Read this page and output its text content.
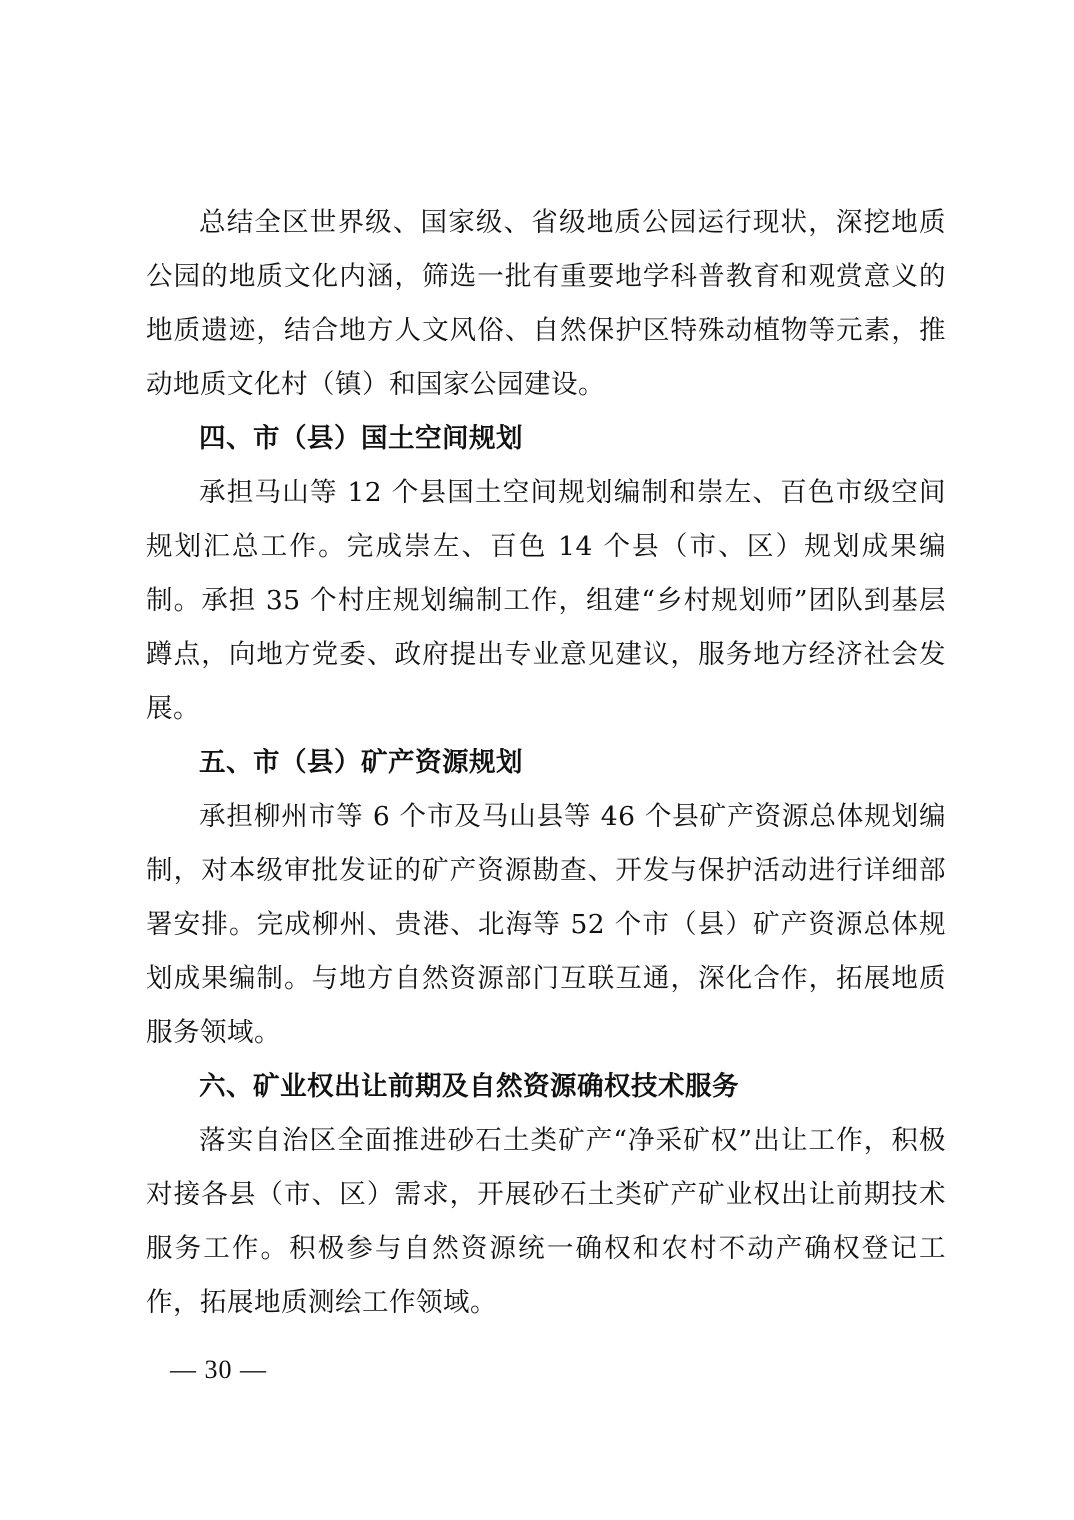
总结全区世界级、国家级、省级地质公园运行现状，深挖地质公园的地质文化内涵，筛选一批有重要地学科普教育和观赏意义的地质遗迹，结合地方人文风俗、自然保护区特殊动植物等元素，推动地质文化村（镇）和国家公园建设。

四、市（县）国土空间规划

承担马山等 12 个县国土空间规划编制和崇左、百色市级空间规划汇总工作。完成崇左、百色 14 个县（市、区）规划成果编制。承担 35 个村庄规划编制工作，组建“乡村规划师”团队到基层蹲点，向地方党委、政府提出专业意见建议，服务地方经济社会发展。

五、市（县）矿产资源规划

承担柳州市等 6 个市及马山县等 46 个县矿产资源总体规划编制，对本级审批发证的矿产资源勘查、开发与保护活动进行详细部署安排。完成柳州、贵港、北海等 52 个市（县）矿产资源总体规划成果编制。与地方自然资源部门互联互通，深化合作，拓展地质服务领域。

六、矿业权出让前期及自然资源确权技术服务

落实自治区全面推进砂石土类矿产“净采矿权”出让工作，积极对接各县（市、区）需求，开展砂石土类矿产矿业权出让前期技术服务工作。积极参与自然资源统一确权和农村不动产确权登记工作，拓展地质测绘工作领域。

— 30 —
